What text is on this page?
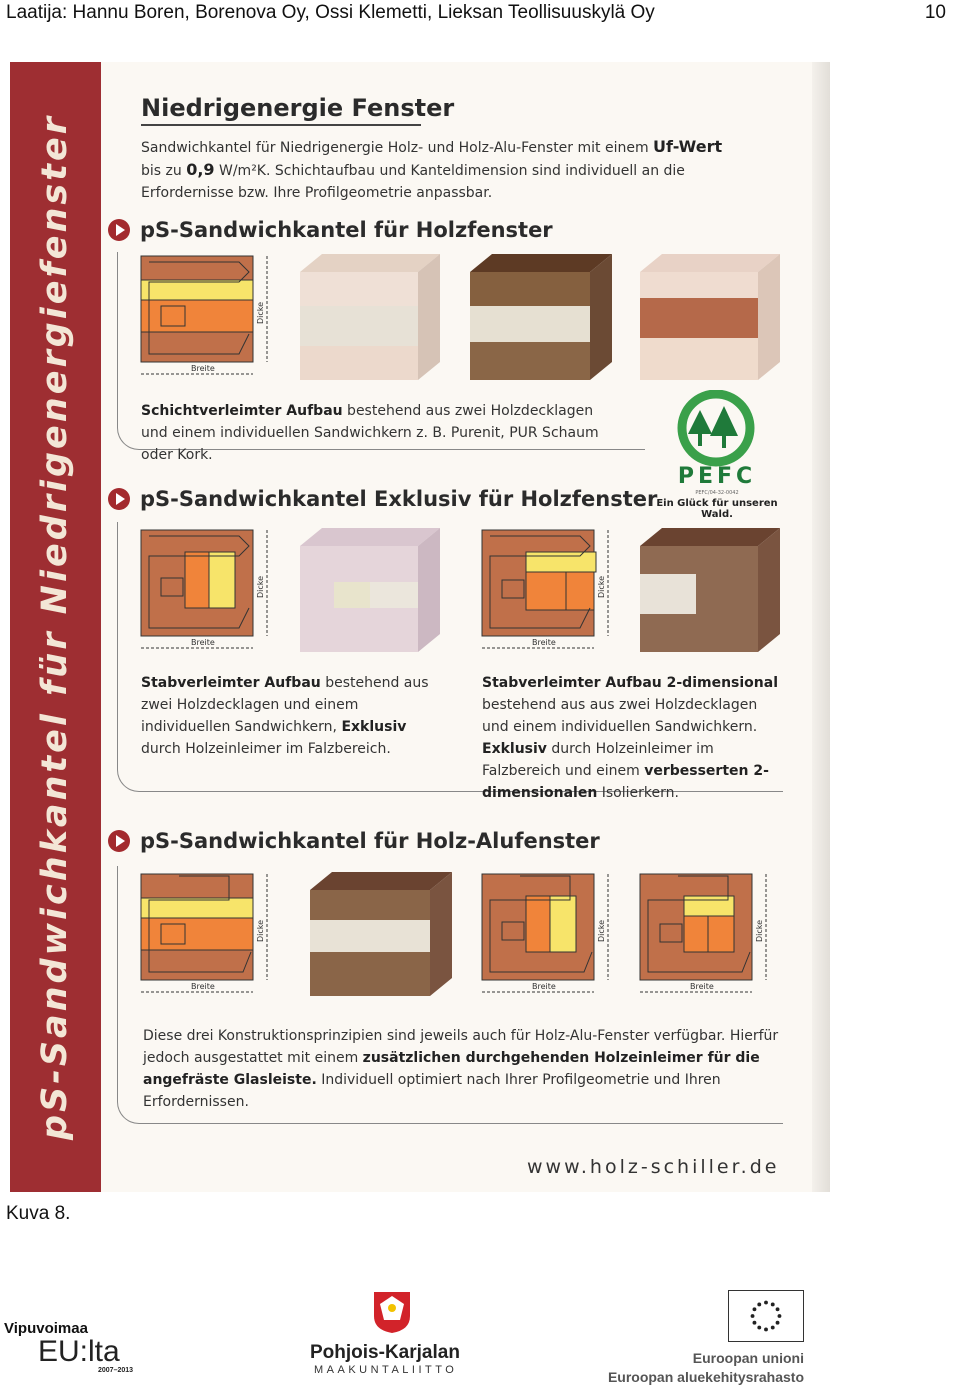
Laatija: Hannu Boren, Borenova Oy, Ossi Klemetti, Lieksan Teollisuuskylä Oy	10
pS-Sandwichkantel für Niedrigenergiefenster
Niedrigenergie Fenster
Sandwichkantel für Niedrigenergie Holz- und Holz-Alu-Fenster mit einem Uf-Wert bis zu 0,9 W/m²K. Schichtaufbau und Kanteldimension sind individuell an die Erfordernisse bzw. Ihre Profilgeometrie anpassbar.
pS-Sandwichkantel für Holzfenster
Dicke
Breite
Schichtverleimter Aufbau bestehend aus zwei Holzdecklagen und einem individuellen Sandwichkern z. B. Purenit, PUR Schaum oder Kork.
PEFC
PEFC/04-32-0042
Ein Glück für unseren Wald.
pS-Sandwichkantel Exklusiv für Holzfenster
Dicke
Breite
Dicke
Breite
Stabverleimter Aufbau bestehend aus zwei Holzdecklagen und einem individuellen Sandwichkern, Exklusiv durch Holzeinleimer im Falzbereich.
Stabverleimter Aufbau 2-dimensional bestehend aus aus zwei Holzdecklagen und einem individuellen Sandwichkern. Exklusiv durch Holzeinleimer im Falzbereich und einem verbesserten 2-dimensionalen Isolierkern.
pS-Sandwichkantel für Holz-Alufenster
Dicke
Breite
Dicke
Breite
Dicke
Breite
Diese drei Konstruktionsprinzipien sind jeweils auch für Holz-Alu-Fenster verfügbar. Hierfür jedoch ausgestattet mit einem zusätzlichen durchgehenden Holzeinleimer für die angefräste Glasleiste. Individuell optimiert nach Ihrer Profilgeometrie und Ihren Erfordernissen.
www.holz-schiller.de
Kuva 8.
Vipuvoimaa
EU:lta
2007–2013
Pohjois-Karjalan
MAAKUNTALIITTO
Euroopan unioni
Euroopan aluekehitysrahasto
